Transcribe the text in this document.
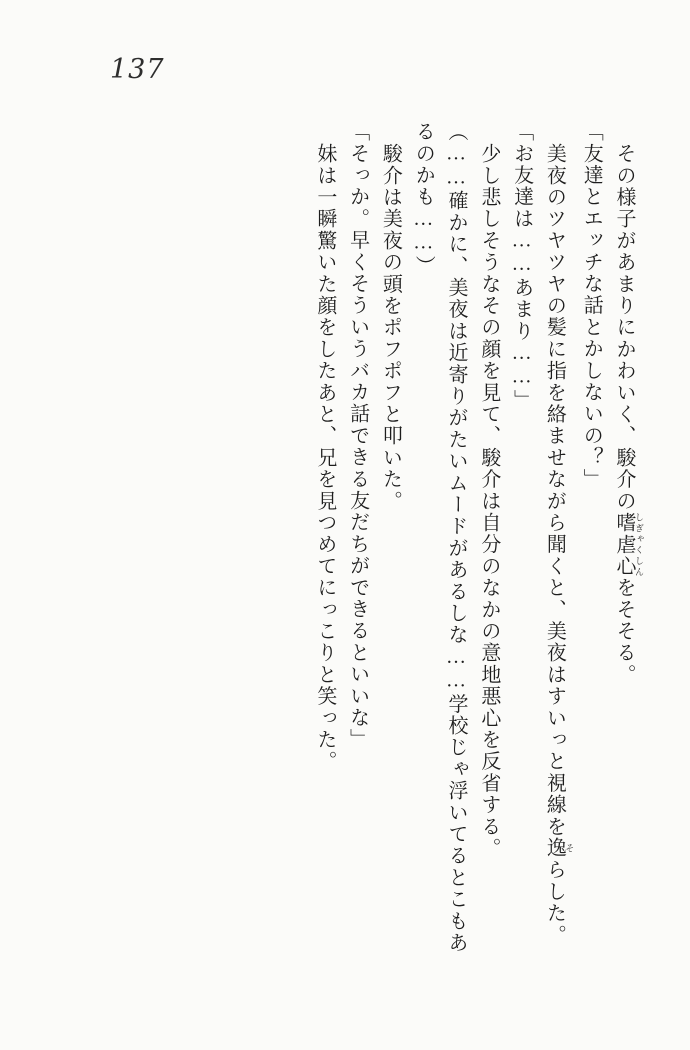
137

その様子があまりにかわいく、駿介の嗜虐心 しぎゃくしんをそそる。

「友達とエッチな話とかしないの？」

美夜のツヤツヤの髪に指を絡ませながら聞くと、美夜はすいっと視線を逸 そらした。

「お友達は……あまり……」

少し悲しそうなその顔を見て、駿介は自分のなかの意地悪心を反省する。

（……確かに、美夜は近寄りがたいムードがあるしな……学校じゃ浮いてるとこもあ

るのかも……）

駿介は美夜の頭をポフポフと叩いた。

「そっか。早くそういうバカ話できる友だちができるといいな」

妹は一瞬驚いた顔をしたあと、兄を見つめてにっこりと笑った。
